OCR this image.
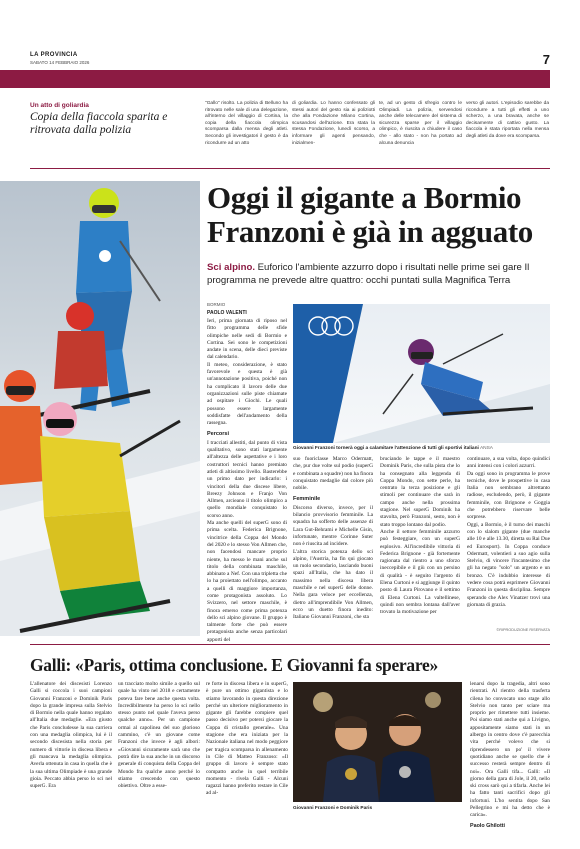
LA PROVINCIA
SABATO 14 FEBBRAIO 2026	7
Un atto di goliardia
Copia della fiaccola sparita e ritrovata dalla polizia
"Gallo" risolto. La polizia di Belluno ha ritrovato nelle sale di una delegazione, all'interno del villaggio di Cortina, la copia della fiaccola olimpica scomparsa dalla mensa degli atleti. Secondo gli investigatori il gesto è da ricondurre ad un atto
di goliardia. Lo hanno confessato gli stessi autori del gesto sia ai poliziotti che alla Fondazione Milano Cortina, scusandosi dell'azione. Era stata la stessa Fondazione, lunedì scorso, a informare gli agenti pensando, inizialmen-
te, ad un gesto di sfregio contro le Olimpiadi. La polizia, servendosi anche delle telecamere del sistema di sicurezza sparse per il villaggio olimpico, è riuscita a chiudere il caso che - allo stato - non ha portato ad alcuna denuncia
verso gli autori. L'episodio sarebbe da ricondurre a tutti gli effetti a uno scherzo, a una bravata, anche se decisamente di cattivo gusto. La fiaccola è stata riportata nella mensa degli atleti da dove era scomparsa.
Oggi il gigante a Bormio Franzoni è già in agguato
Sci alpino. Euforico l'ambiente azzurro dopo i risultati nelle prime sei gare Il programma ne prevede altre quattro: occhi puntati sulla Magnifica Terra
BORMIO
PAOLO VALENTI

Ieri, prima giornata di riposo nel fitto programma delle sfide olimpiche nelle sedi di Bormio e Cortina. Sei sono le competizioni andate in scena, delle dieci previste dal calendario.

Il meteo, considerazione, è stato favorevole e questa è già un'annotazione positiva, poiché non ha complicato il lavoro delle due organizzazioni sulle piste chiamate ad ospitare i Giochi. Le quali possono essere largamente soddisfatte dell'andamento della rassegna.

Percorsi

I tracciati allestiti, dal punto di vista qualitativo, sono stati largamente all'altezza delle aspettative e i loro costruttori tecnici hanno premiato atleti di altissimo livello. Basterebbe un primo dato per indicarlo: i vincitori della due discese libere, Breezy Johnson e Franjo Von Allmen, arcieano il titolo olimpico a quello mondiale conquistato lo scorso anno.

Ma anche quelli del superG sono di prima scelta. Federica Brignone, vincitrice della Coppa del Mondo del 2020 e lo stesso Von Allmen che, non facendosi mancare proprio niente, ha messo le mani anche sul titolo della combinata maschile, abbinato a Nef. Con una tripletta che lo ha proiettato nell'olimpo, accanto a quelli di maggiore importanza, come protagonista assoluto. Lo Svizzero, nel settore maschile, è finora emerso come prima potenza dello sci alpino giovane. Il gruppo è talmente forte che può essere protagonista anche senza particolari apporti del

Giovanni Franzoni tornerà oggi a calamitare l'attenzione di tutti gli sportivi italiani ANSA

suo fuoriclasse Marco Odermatt, che, pur due volte sul podio (superG e combinata a squadre) non ha finora conquistato medaglie dal colore più nobile.

Femminile

Discorso diverso, invece, per il bilancio provvisorio femminile. La squadra ha sofferto delle assenze di Lara Gut-Behrami e Michelle Gisin, infortunate, mentre Corinne Suter non è riuscita ad incidere.

L'altra storica potenza dello sci alpino, l'Austria, ha fin qui giocato un ruolo secondario, lasciando buoni spazi all'Italia, che ha dato il massimo nella discesa libera maschile e nel superG delle donne. Nella gara veloce per eccellenza, dietro all'imprendibile Von Allmen, ecco un duetto finora inedito: Italiano Giovanni Franzoni, che sta

bruciando le tappe e il maestro Dominik Paris, che sulla pista che lo ha consegnato alla leggenda di Coppa Mondo, con sette perle, ha centrato la terza posizione e gli stimoli per continuare che sarà in campo anche nella prossima stagione. Nel superG Dominik ha stavolta, però Franzoni, sesto, non è stato troppo lontano dal podio.

Anche il settore femminile azzurro può festeggiare, con un superG esplosivo. All'incredibile vittoria di Federica Brignone - già fortemente ragionata dal rientro a uno sforzo ineccepibile e il giù con un persino di qualità - è seguito l'argento di Elena Curtoni e si aggiunge il quinto posto di Laura Pirovano e il settimo di Elena Curtoni. La valtellinese, quindi non sembra lontana dall'aver trovato la motivazione per

continuare, a sua volta, dopo quindici anni intensi con i colori azzurri.

Da oggi sono in programma le prove tecniche, dove le prospettive in casa Italia non sembrano altrettanto radiose, escludendo, però, il gigante femminile, con Brignone e Goggia che potrebbero riservare belle sorprese.

Oggi, a Bormio, è il turno dei maschi con lo slalom gigante (due manche alle 10 e alle 13.30, diretta su Rai Due ed Eurosport). In Coppa conduce Odermatt, volentieri a suo agio sulla Stelvio, di vincere l'incantesimo che gli ha negato "solo" un argento e un bronzo. C'è indubbio interesse di vedere cosa potrà esprimere Giovanni Franzoni in questa disciplina. Sempre sperando che Alex Vinatzer trovi una giornata di grazia.

©RIPRODUZIONE RISERVATA
Galli: «Paris, ottima conclusione. E Giovanni fa sperare»

L'allenatore dei discesisti Lorenzo Galli si coccola i suoi campioni Giovanni Franzoni e Dominik Paris dopo la grande impresa sulla Stelvio di Bormio nella quale hanno regalato all'Italia due medaglie. «Era giusto che Paris concludesse la sua carriera con una medaglia olimpica, lui è il secondo discesista nella storia per numero di vittorie in discesa libera e gli mancava la medaglia olimpica. Averla ottenuta in casa in quella che è la sua ultima Olimpiade è una grande gioia. Peccato abbia perso lo sci nel superG. Era

un tracciato molto simile a quello sul quale ha vinto nel 2018 e certamente poteva fare bene anche questa volta. Incredibilmente ha perso lo sci nello stesso punto nel quale l'aveva perso qualche anno». Per un campione ormai al capolinea del suo glorioso cammino, c'è un giovane come Franzoni che invece è agli albori: «Giovanni sicuramente sarà uno che potrà dire la sua anche in un discorso generale di conquista della Coppa del Mondo fra qualche anno perché lo stiamo crescendo con questo obiettivo. Oltre a esse-

re forte in discesa libera e in superG, è pure un ottimo gigantista e lo stiamo lavorando in questa direzione perché un ulteriore miglioramento in gigante gli farebbe compiere quel passo decisivo per potersi giocare la Coppa di cristallo generale». Una stagione che era iniziata per la Nazionale italiana nel modo peggiore per tragica scomparsa in allenamento in Cile di Matteo Franzoso: «Il gruppo di lavoro è sempre stato compatto anche in quel terribile momento - rivela Galli - Alcuni ragazzi hanno preferito restare in Cile ad al-

Giovanni Franzoni e Dominik Paris

lenarsi dopo la tragedia, altri sono rientrati. Al rientro della trasferta cilena ho convocato uno stage allo Stelvio non tanto per sciare ma proprio per rimettere tutti insieme. Poi siamo stati anche qui a Livigno, appositamente siamo stati in un albergo in centro dove c'è parecchia vita perché volevo che si riprendessero un po' il vivere quotidiano anche se quello che è successo resterà sempre dentro di noi». Ora Galli tifa... Galli: «Il giorno della gara di Jole, il 20, nello ski cross sarò qui a tifarla. Anche lei ha fatto tanti sacrifici dopo gli infortuni. L'ho sentita dopo San Pellegrino e mi ha detto che è carica».

Paolo Ghilotti
